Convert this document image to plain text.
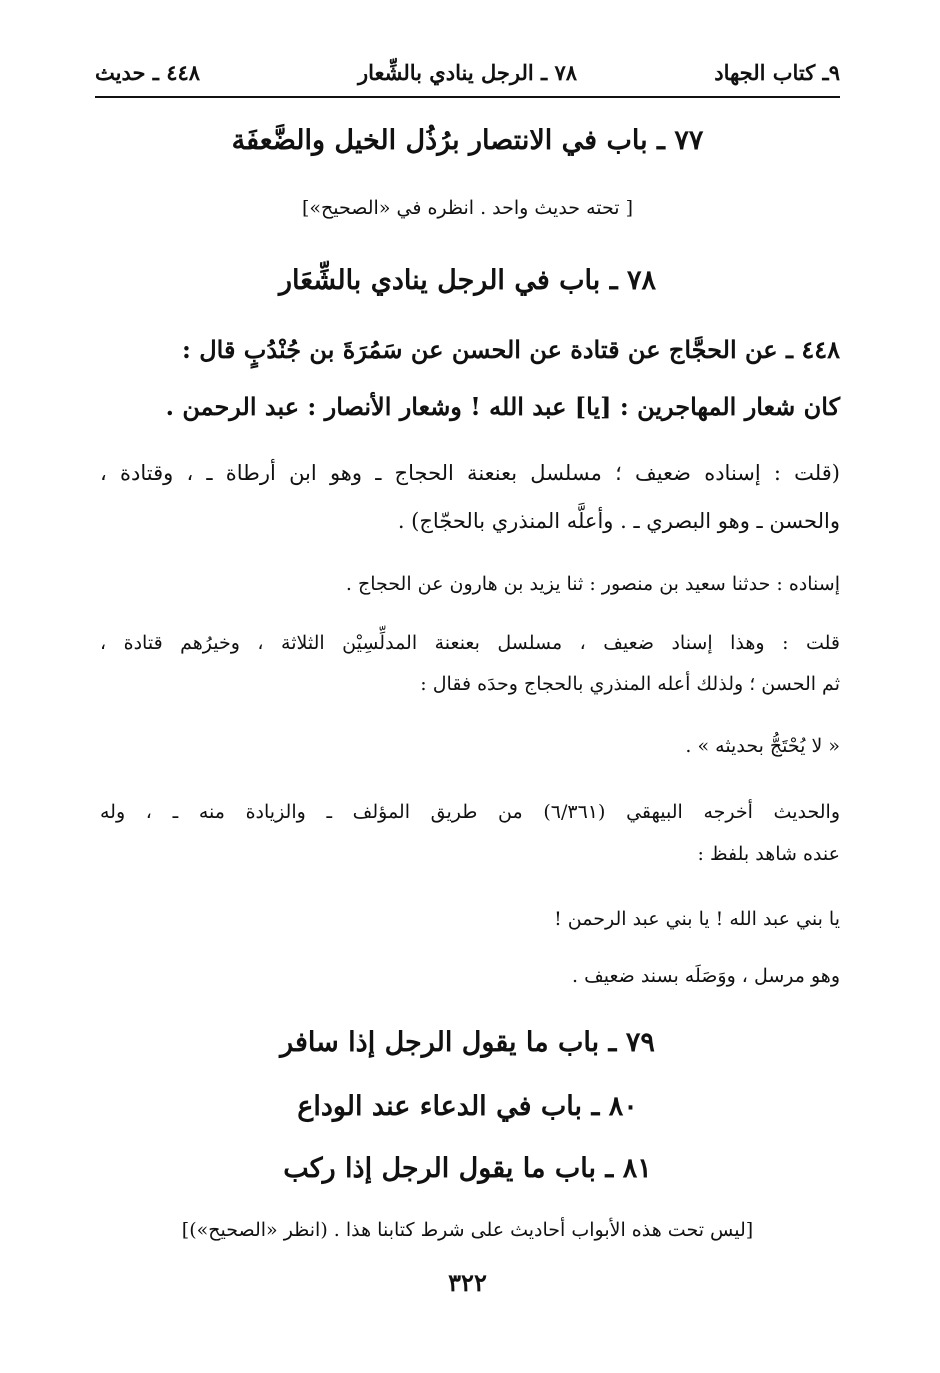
٩ـ كتاب الجهاد
٧٨ ـ الرجل ينادي بالشِّعار
٤٤٨ ـ حديث
٧٧ ـ باب في الانتصار برُذُل الخيل والضَّعفَة
[ تحته حديث واحد . انظره في «الصحيح»]
٧٨ ـ باب في الرجل ينادي بالشِّعَار
٤٤٨ ـ عن الحجَّاج عن قتادة عن الحسن عن سَمُرَةَ بن جُنْدُبٍ قال :
كان شعار المهاجرين : [يا] عبد الله ! وشعار الأنصار : عبد الرحمن .
(قلت : إسناده ضعيف ؛ مسلسل بعنعنة الحجاج ـ وهو ابن أرطاة ـ ، وقتادة ،
والحسن ـ وهو البصري ـ . وأعلَّه المنذري بالحجّاج) .
إسناده : حدثنا سعيد بن منصور : ثنا يزيد بن هارون عن الحجاج .
قلت : وهذا إسناد ضعيف ، مسلسل بعنعنة المدلِّسِيْن الثلاثة ، وخيرُهم قتادة ،
ثم الحسن ؛ ولذلك أعله المنذري بالحجاج وحدَه فقال :
« لا يُحْتَجُّ بحديثه » .
والحديث أخرجه البيهقي (٦/٣٦١) من طريق المؤلف ـ والزيادة منه ـ ، وله
عنده شاهد بلفظ :
يا بني عبد الله ! يا بني عبد الرحمن !
وهو مرسل ، ووَصَلَه بسند ضعيف .
٧٩ ـ باب ما يقول الرجل إذا سافر
٨٠ ـ باب في الدعاء عند الوداع
٨١ ـ باب ما يقول الرجل إذا ركب
[ليس تحت هذه الأبواب أحاديث على شرط كتابنا هذا . (انظر «الصحيح»)]
٣٢٢
